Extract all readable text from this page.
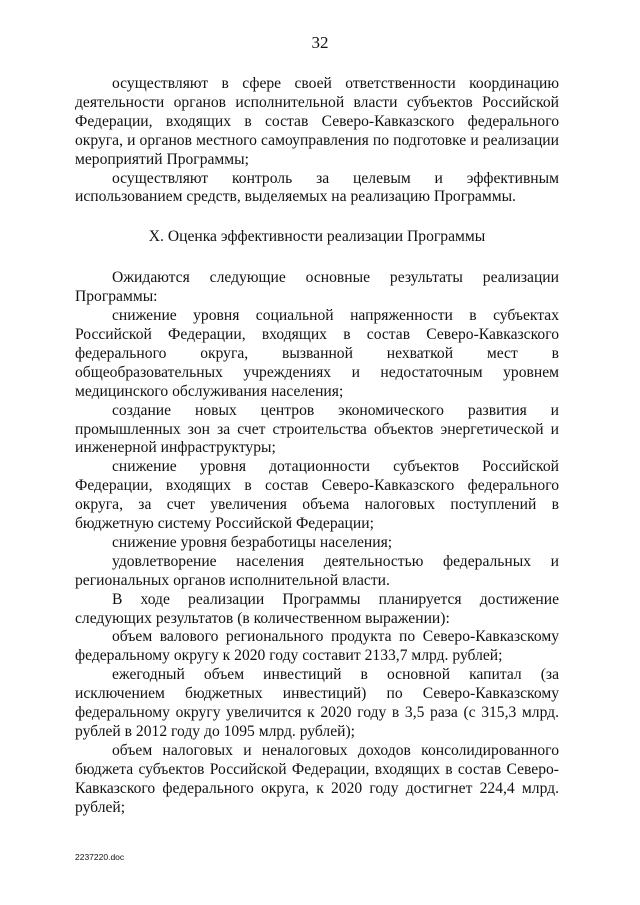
32

осуществляют в сфере своей ответственности координацию деятельности органов исполнительной власти субъектов Российской Федерации, входящих в состав Северо-Кавказского федерального округа, и органов местного самоуправления по подготовке и реализации мероприятий Программы;

осуществляют контроль за целевым и эффективным использованием средств, выделяемых на реализацию Программы.

X. Оценка эффективности реализации Программы

Ожидаются следующие основные результаты реализации Программы:

снижение уровня социальной напряженности в субъектах Российской Федерации, входящих в состав Северо-Кавказского федерального округа, вызванной нехваткой мест в общеобразовательных учреждениях и недостаточным уровнем медицинского обслуживания населения;

создание новых центров экономического развития и промышленных зон за счет строительства объектов энергетической и инженерной инфраструктуры;

снижение уровня дотационности субъектов Российской Федерации, входящих в состав Северо-Кавказского федерального округа, за счет увеличения объема налоговых поступлений в бюджетную систему Российской Федерации;

снижение уровня безработицы населения;

удовлетворение населения деятельностью федеральных и региональных органов исполнительной власти.

В ходе реализации Программы планируется достижение следующих результатов (в количественном выражении):

объем валового регионального продукта по Северо-Кавказскому федеральному округу к 2020 году составит 2133,7 млрд. рублей;

ежегодный объем инвестиций в основной капитал (за исключением бюджетных инвестиций) по Северо-Кавказскому федеральному округу увеличится к 2020 году в 3,5 раза (с 315,3 млрд. рублей в 2012 году до 1095 млрд. рублей);

объем налоговых и неналоговых доходов консолидированного бюджета субъектов Российской Федерации, входящих в состав Северо-Кавказского федерального округа, к 2020 году достигнет 224,4 млрд. рублей;

2237220.doc
